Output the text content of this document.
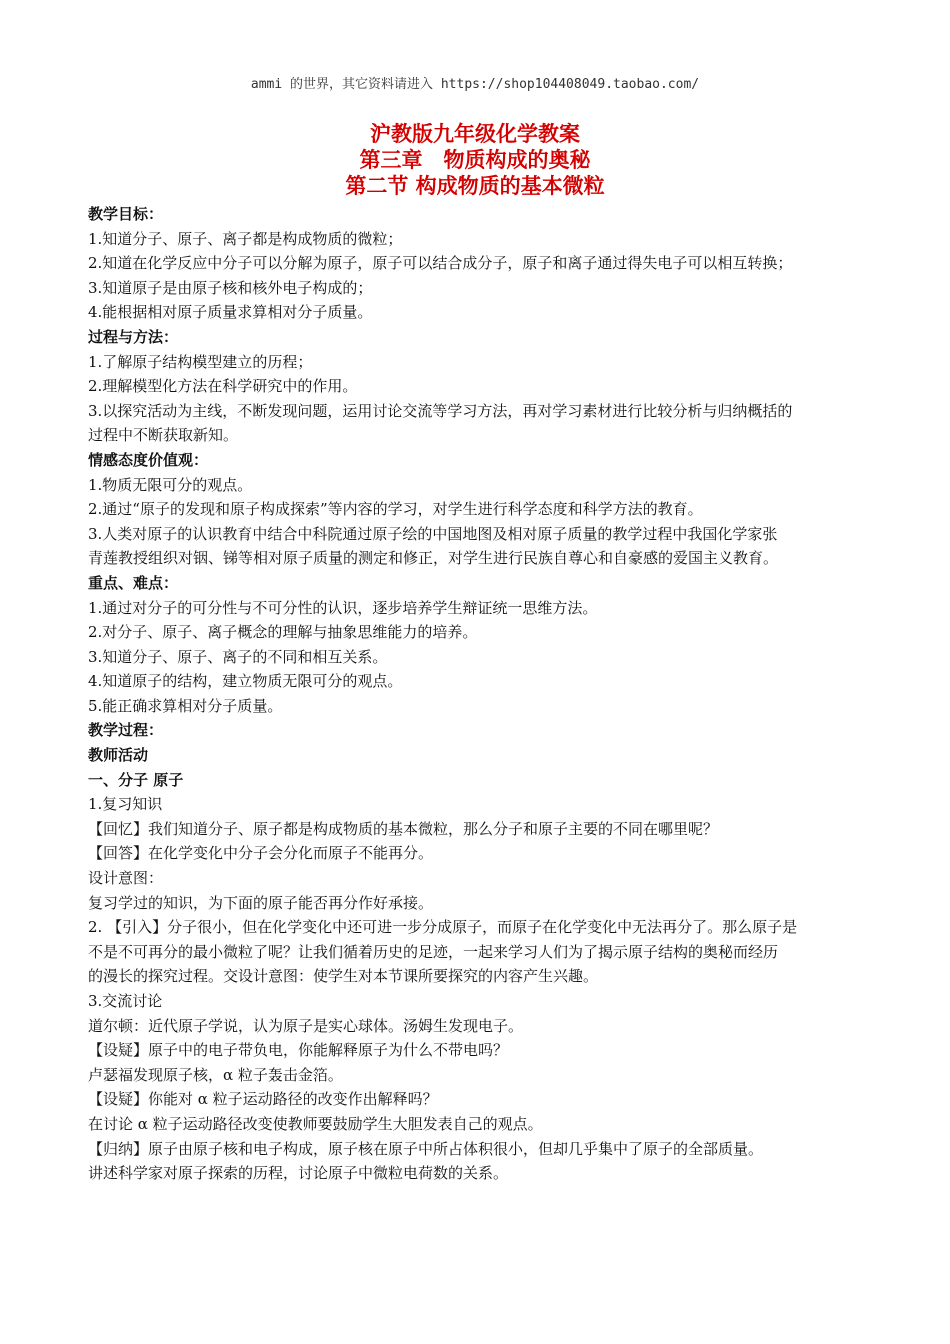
ammi 的世界，其它资料请进入 https://shop104408049.taobao.com/
沪教版九年级化学教案
第三章　物质构成的奥秘
第二节 构成物质的基本微粒
教学目标：
1.知道分子、原子、离子都是构成物质的微粒；
2.知道在化学反应中分子可以分解为原子，原子可以结合成分子，原子和离子通过得失电子可以相互转换；
3.知道原子是由原子核和核外电子构成的；
4.能根据相对原子质量求算相对分子质量。
过程与方法：
1.了解原子结构模型建立的历程；
2.理解模型化方法在科学研究中的作用。
3.以探究活动为主线，不断发现问题，运用讨论交流等学习方法，再对学习素材进行比较分析与归纳概括的
过程中不断获取新知。
情感态度价值观：
1.物质无限可分的观点。
2.通过“原子的发现和原子构成探索”等内容的学习，对学生进行科学态度和科学方法的教育。
3.人类对原子的认识教育中结合中科院通过原子绘的中国地图及相对原子质量的教学过程中我国化学家张
青莲教授组织对铟、锑等相对原子质量的测定和修正，对学生进行民族自尊心和自豪感的爱国主义教育。
重点、难点：
1.通过对分子的可分性与不可分性的认识，逐步培养学生辩证统一思维方法。
2.对分子、原子、离子概念的理解与抽象思维能力的培养。
3.知道分子、原子、离子的不同和相互关系。
4.知道原子的结构，建立物质无限可分的观点。
5.能正确求算相对分子质量。
教学过程：
教师活动
一、分子 原子
1.复习知识
【回忆】我们知道分子、原子都是构成物质的基本微粒，那么分子和原子主要的不同在哪里呢？
【回答】在化学变化中分子会分化而原子不能再分。
设计意图：
复习学过的知识，为下面的原子能否再分作好承接。
2. 【引入】分子很小，但在化学变化中还可进一步分成原子，而原子在化学变化中无法再分了。那么原子是
不是不可再分的最小微粒了呢？让我们循着历史的足迹，一起来学习人们为了揭示原子结构的奥秘而经历
的漫长的探究过程。交设计意图：使学生对本节课所要探究的内容产生兴趣。
3.交流讨论
道尔顿：近代原子学说，认为原子是实心球体。汤姆生发现电子。
【设疑】原子中的电子带负电，你能解释原子为什么不带电吗？
卢瑟福发现原子核，α 粒子轰击金箔。
【设疑】你能对 α 粒子运动路径的改变作出解释吗？
在讨论 α 粒子运动路径改变使教师要鼓励学生大胆发表自己的观点。
【归纳】原子由原子核和电子构成，原子核在原子中所占体积很小，但却几乎集中了原子的全部质量。
讲述科学家对原子探索的历程，讨论原子中微粒电荷数的关系。
